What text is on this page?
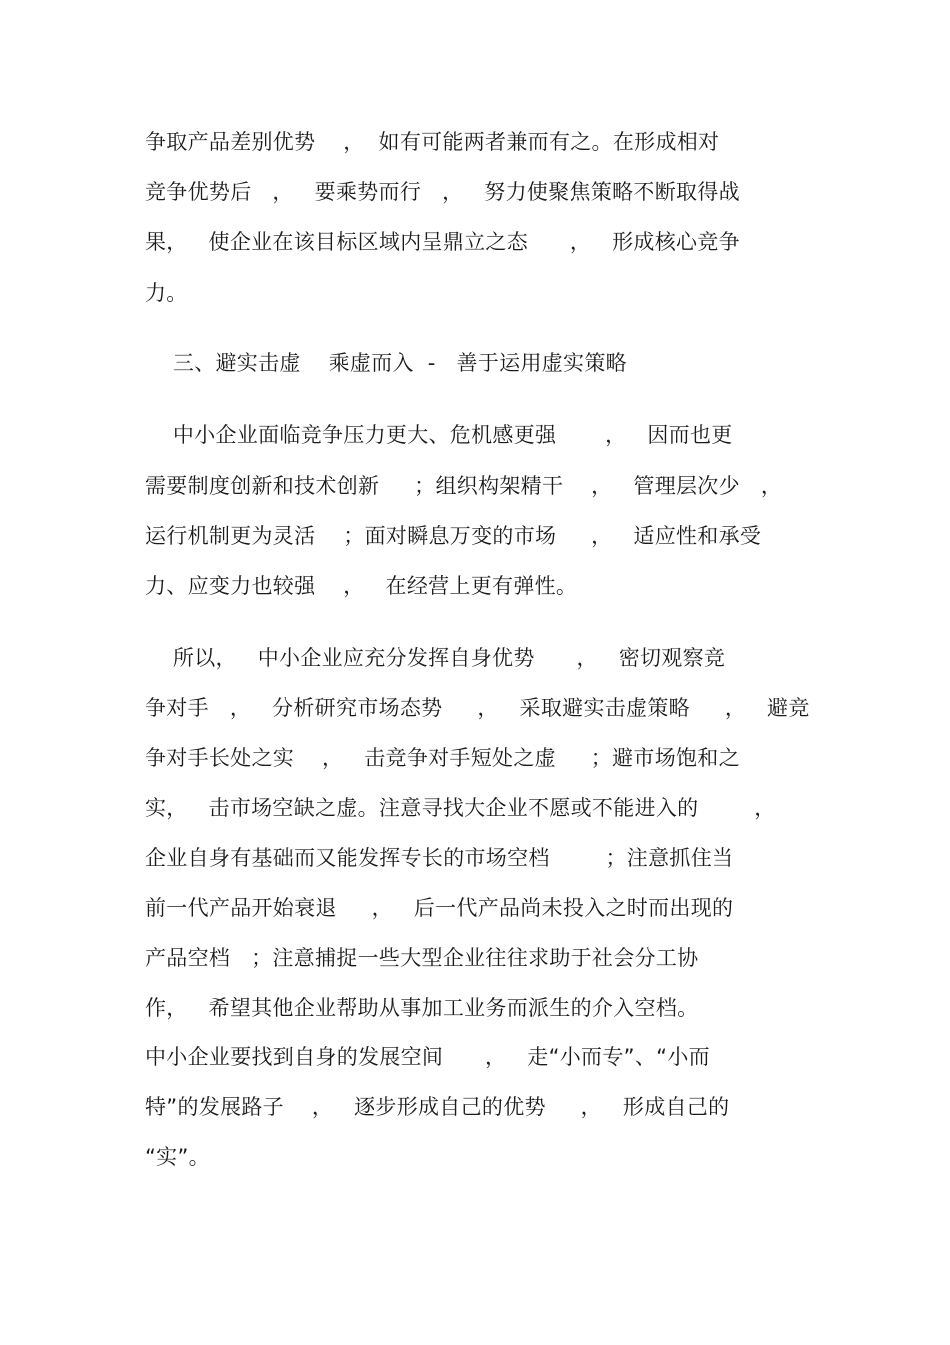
争取产品差别优势    ，  如有可能两者兼而有之。在形成相对
竞争优势后   ，   要乘势而行   ，   努力使聚焦策略不断取得战
果，   使企业在该目标区域内呈鼎立之态      ，   形成核心竞争
力。
三、避实击虚    乘虚而入  -   善于运用虚实策略
中小企业面临竞争压力更大、危机感更强       ，   因而也更
需要制度创新和技术创新     ；组织构架精干    ，   管理层次少   ，
运行机制更为灵活    ；面对瞬息万变的市场     ，   适应性和承受
力、应变力也较强    ，   在经营上更有弹性。
所以，   中小企业应充分发挥自身优势      ，   密切观察竞
争对手   ，   分析研究市场态势     ，   采取避实击虚策略     ，   避竞
争对手长处之实    ，   击竞争对手短处之虚     ；避市场饱和之
实，   击市场空缺之虚。注意寻找大企业不愿或不能进入的        ，
企业自身有基础而又能发挥专长的市场空档        ；注意抓住当
前一代产品开始衰退     ，   后一代产品尚未投入之时而出现的
产品空档   ；注意捕捉一些大型企业往往求助于社会分工协
作，   希望其他企业帮助从事加工业务而派生的介入空档。
中小企业要找到自身的发展空间      ，   走“小而专”、“小而
特”的发展路子    ，   逐步形成自己的优势     ，   形成自己的
“实”。
